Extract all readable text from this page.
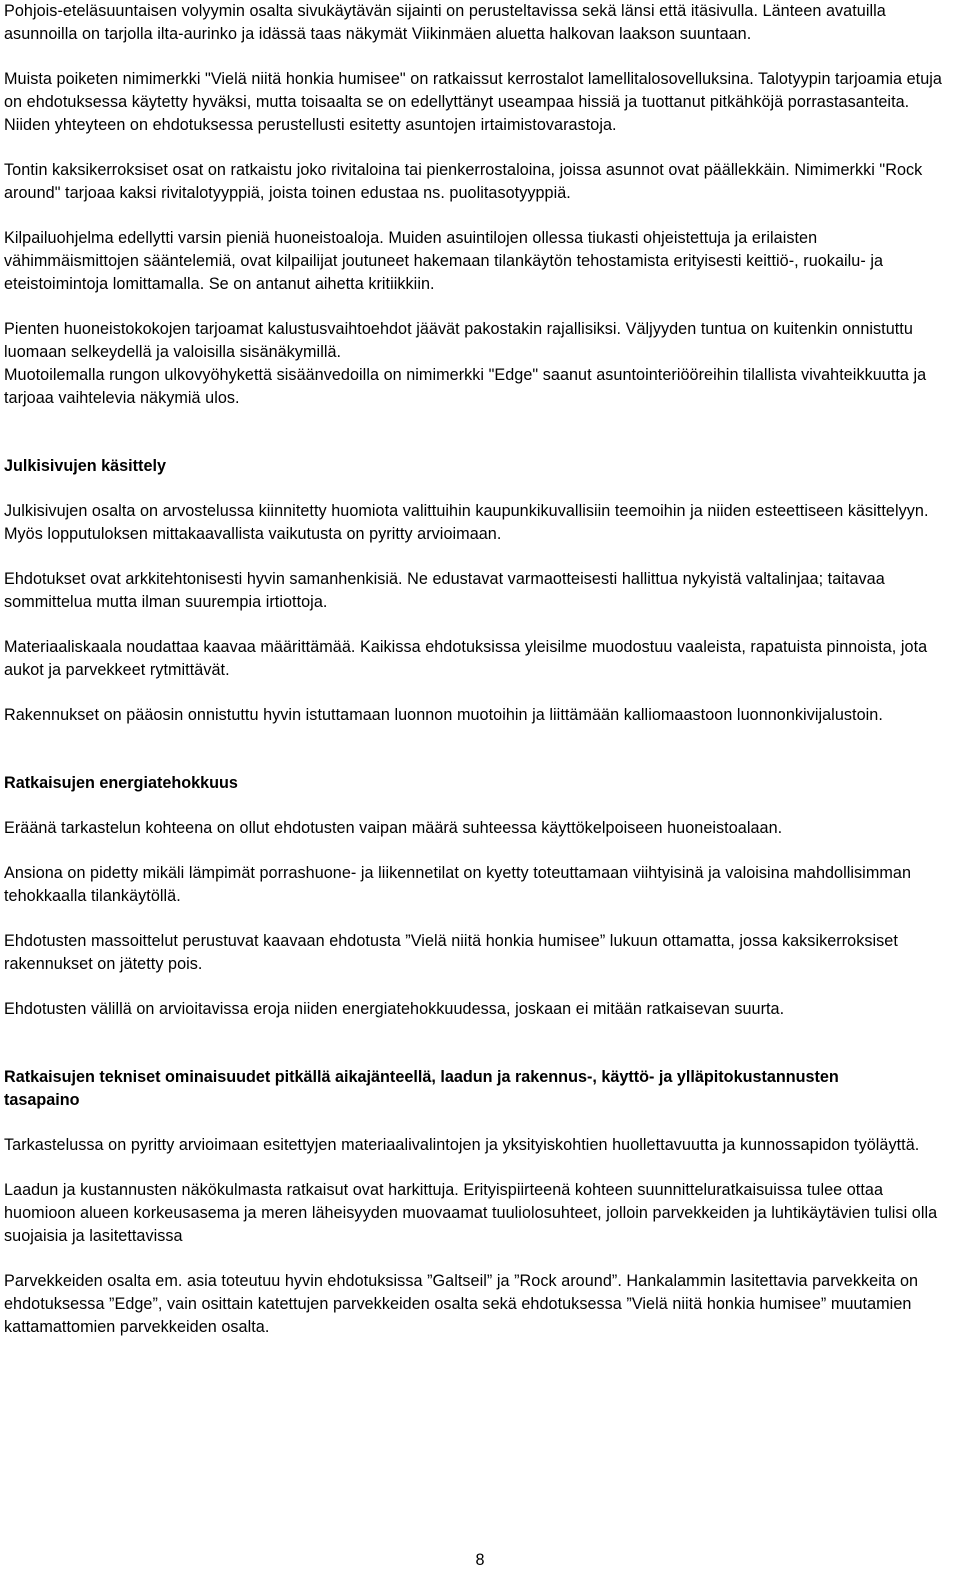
Pohjois-eteläsuuntaisen volyymin osalta sivukäytävän sijainti on perusteltavissa sekä länsi että itäsivulla. Länteen avatuilla asunnoilla on tarjolla ilta-aurinko ja idässä taas näkymät Viikinmäen aluetta halkovan laakson suuntaan.

Muista poiketen nimimerkki "Vielä niitä honkia humisee" on ratkaissut kerrostalot lamellitalosovelluksina. Talotyypin tarjoamia etuja on ehdotuksessa käytetty hyväksi, mutta toisaalta se on edellyttänyt useampaa hissiä ja tuottanut pitkähköjä porrastasanteita. Niiden yhteyteen on ehdotuksessa perustellusti esitetty asuntojen irtaimistovarastoja.

Tontin kaksikerroksiset osat on ratkaistu joko rivitaloina tai pienkerrostaloina, joissa asunnot ovat päällekkäin. Nimimerkki "Rock around" tarjoaa kaksi rivitalotyyppiä, joista toinen edustaa ns. puolitasotyyppiä.

Kilpailuohjelma edellytti varsin pieniä huoneistoaloja. Muiden asuintilojen ollessa tiukasti ohjeistettuja ja erilaisten vähimmäismittojen sääntelemiä, ovat kilpailijat joutuneet hakemaan tilankäytön tehostamista erityisesti keittiö-, ruokailu- ja eteistoimintoja lomittamalla. Se on antanut aihetta kritiikkiin.

Pienten huoneistokokojen tarjoamat kalustusvaihtoehdot jäävät pakostakin rajallisiksi. Väljyyden tuntua on kuitenkin onnistuttu luomaan selkeydellä ja valoisilla sisänäkymillä.

Muotoilemalla rungon ulkovyöhykettä sisäänvedoilla on nimimerkki "Edge" saanut asuntointeriööreihin tilallista vivahteikkuutta ja tarjoaa vaihtelevia näkymiä ulos.

Julkisivujen käsittely

Julkisivujen osalta on arvostelussa kiinnitetty huomiota valittuihin kaupunkikuvallisiin teemoihin ja niiden esteettiseen käsittelyyn. Myös lopputuloksen mittakaavallista vaikutusta on pyritty arvioimaan.

Ehdotukset ovat arkkitehtonisesti hyvin samanhenkisiä. Ne edustavat varmaotteisesti hallittua nykyistä valtalinjaa; taitavaa sommittelua mutta ilman suurempia irtiottoja.

Materiaaliskaala noudattaa kaavaa määrittämää. Kaikissa ehdotuksissa yleisilme muodostuu vaaleista, rapatuista pinnoista, jota aukot ja parvekkeet rytmittävät.

Rakennukset on pääosin onnistuttu hyvin istuttamaan luonnon muotoihin ja liittämään kalliomaastoon luonnonkivijalustoin.

Ratkaisujen energiatehokkuus

Eräänä tarkastelun kohteena on ollut ehdotusten vaipan määrä suhteessa käyttökelpoiseen huoneistoalaan.

Ansiona on pidetty mikäli lämpimät porrashuone- ja liikennetilat on kyetty toteuttamaan viihtyisinä ja valoisina mahdollisimman tehokkaalla tilankäytöllä.

Ehdotusten massoittelut perustuvat kaavaan ehdotusta ”Vielä niitä honkia humisee” lukuun ottamatta, jossa kaksikerroksiset rakennukset on jätetty pois.

Ehdotusten välillä on arvioitavissa eroja niiden energiatehokkuudessa, joskaan ei mitään ratkaisevan suurta.

Ratkaisujen tekniset ominaisuudet pitkällä aikajänteellä, laadun ja rakennus-, käyttö- ja ylläpitokustannusten tasapaino

Tarkastelussa on pyritty arvioimaan esitettyjen materiaalivalintojen ja yksityiskohtien huollettavuutta ja kunnossapidon työläyttä.

Laadun ja kustannusten näkökulmasta ratkaisut ovat harkittuja. Erityispiirteenä kohteen suunnitteluratkaisuissa tulee ottaa huomioon alueen korkeusasema ja meren läheisyyden muovaamat tuuliolosuhteet, jolloin parvekkeiden ja luhtikäytävien tulisi olla suojaisia ja lasitettavissa

Parvekkeiden osalta em. asia toteutuu hyvin ehdotuksissa ”Galtseil” ja ”Rock around”. Hankalammin lasitettavia parvekkeita on ehdotuksessa ”Edge”, vain osittain katettujen parvekkeiden osalta sekä ehdotuksessa ”Vielä niitä honkia humisee” muutamien kattamattomien parvekkeiden osalta.

8
